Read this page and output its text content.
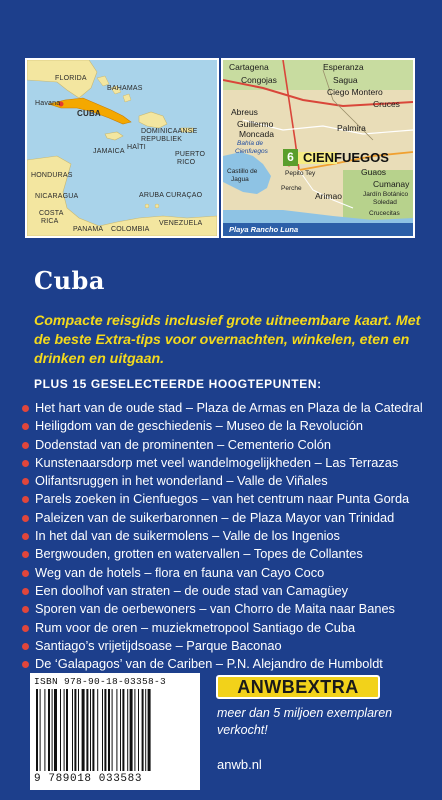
FLORIDA
Havana
BAHAMAS
CUBA
DOMINICAANSE
REPUBLIEK
HAÏTI
JAMAICA	PUERTO
RICO
HONDURAS
NICARAGUA	ARUBA CURAÇAO
COSTA
RICA
PANAMA COLOMBIA
VENEZUELA
Cartagena	Esperanza
Congojas	Sagua
Ciego Montero
Cruces
Abreus
Guillermo
Moncada
Palmira
Bahía de
Cienfuegos	6 CIENFUEGOS
Guaos
Castillo de
Jagua
Pepito Tey
Cumanay
Jardín Botánico
Soledad
Perche
Arimao
Crucecitas
Playa Rancho Luna
Cuba
Compacte reisgids inclusief grote uitneembare kaart. Met de beste Extra-tips voor overnachten, winkelen, eten en drinken en uitgaan.
PLUS 15 GESELECTEERDE HOOGTEPUNTEN:
Het hart van de oude stad – Plaza de Armas en Plaza de la Catedral
Heiligdom van de geschiedenis – Museo de la Revolución
Dodenstad van de prominenten – Cementerio Colón
Kunstenaarsdorp met veel wandelmogelijkheden – Las Terrazas
Olifantsruggen in het wonderland – Valle de Viñales
Parels zoeken in Cienfuegos – van het centrum naar Punta Gorda
Paleizen van de suikerbaronnen – de Plaza Mayor van Trinidad
In het dal van de suikermolens – Valle de los Ingenios
Bergwouden, grotten en watervallen – Topes de Collantes
Weg van de hotels – flora en fauna van Cayo Coco
Een doolhof van straten – de oude stad van Camagüey
Sporen van de oerbewoners – van Chorro de Maita naar Banes
Rum voor de oren – muziekmetropool Santiago de Cuba
Santiago’s vrijetijdsoase – Parque Baconao
De ‘Galapagos’ van de Cariben – P.N. Alejandro de Humboldt
ISBN 978-90-18-03358-3
9 789018 033583
ANWBEXTRA
meer dan 5 miljoen exemplaren verkocht!
anwb.nl
